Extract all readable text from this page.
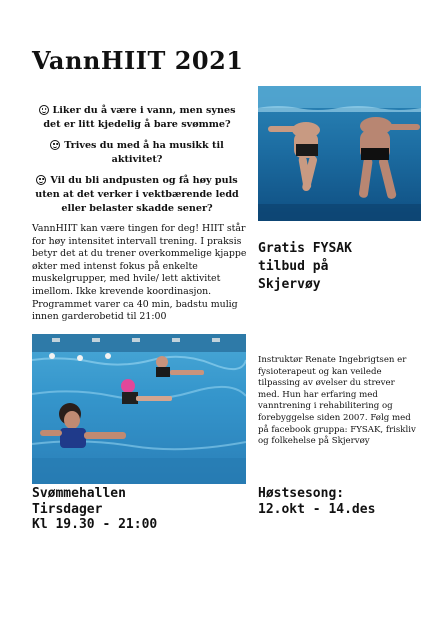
VannHIIT 2021
Liker du å være i vann, men synes det er litt kjedelig å bare svømme?
Trives du med å ha musikk til aktivitet?
Vil du bli andpusten og få høy puls uten at det verker i vektbærende ledd eller belaster skadde sener?
VannHIIT kan være tingen for deg! HIIT står for høy intensitet intervall trening. I praksis betyr det at du trener overkommelige kjappe økter med intenst fokus på enkelte muskelgrupper, med hvile/ lett aktivitet imellom. Ikke krevende koordinasjon. Programmet varer ca 40 min, badstu mulig innen garderobetid til 21:00
Gratis FYSAK
tilbud på
Skjervøy
Instruktør Renate Ingebrigtsen er fysioterapeut og kan veilede tilpassing av øvelser du strever med. Hun har erfaring med vanntrening i rehabilitering og forebyggelse siden 2007. Følg med på facebook gruppa: FYSAK, friskliv og folkehelse på Skjervøy
Svømmehallen
Tirsdager
Kl 19.30 - 21:00
Høstsesong:
12.okt - 14.des
